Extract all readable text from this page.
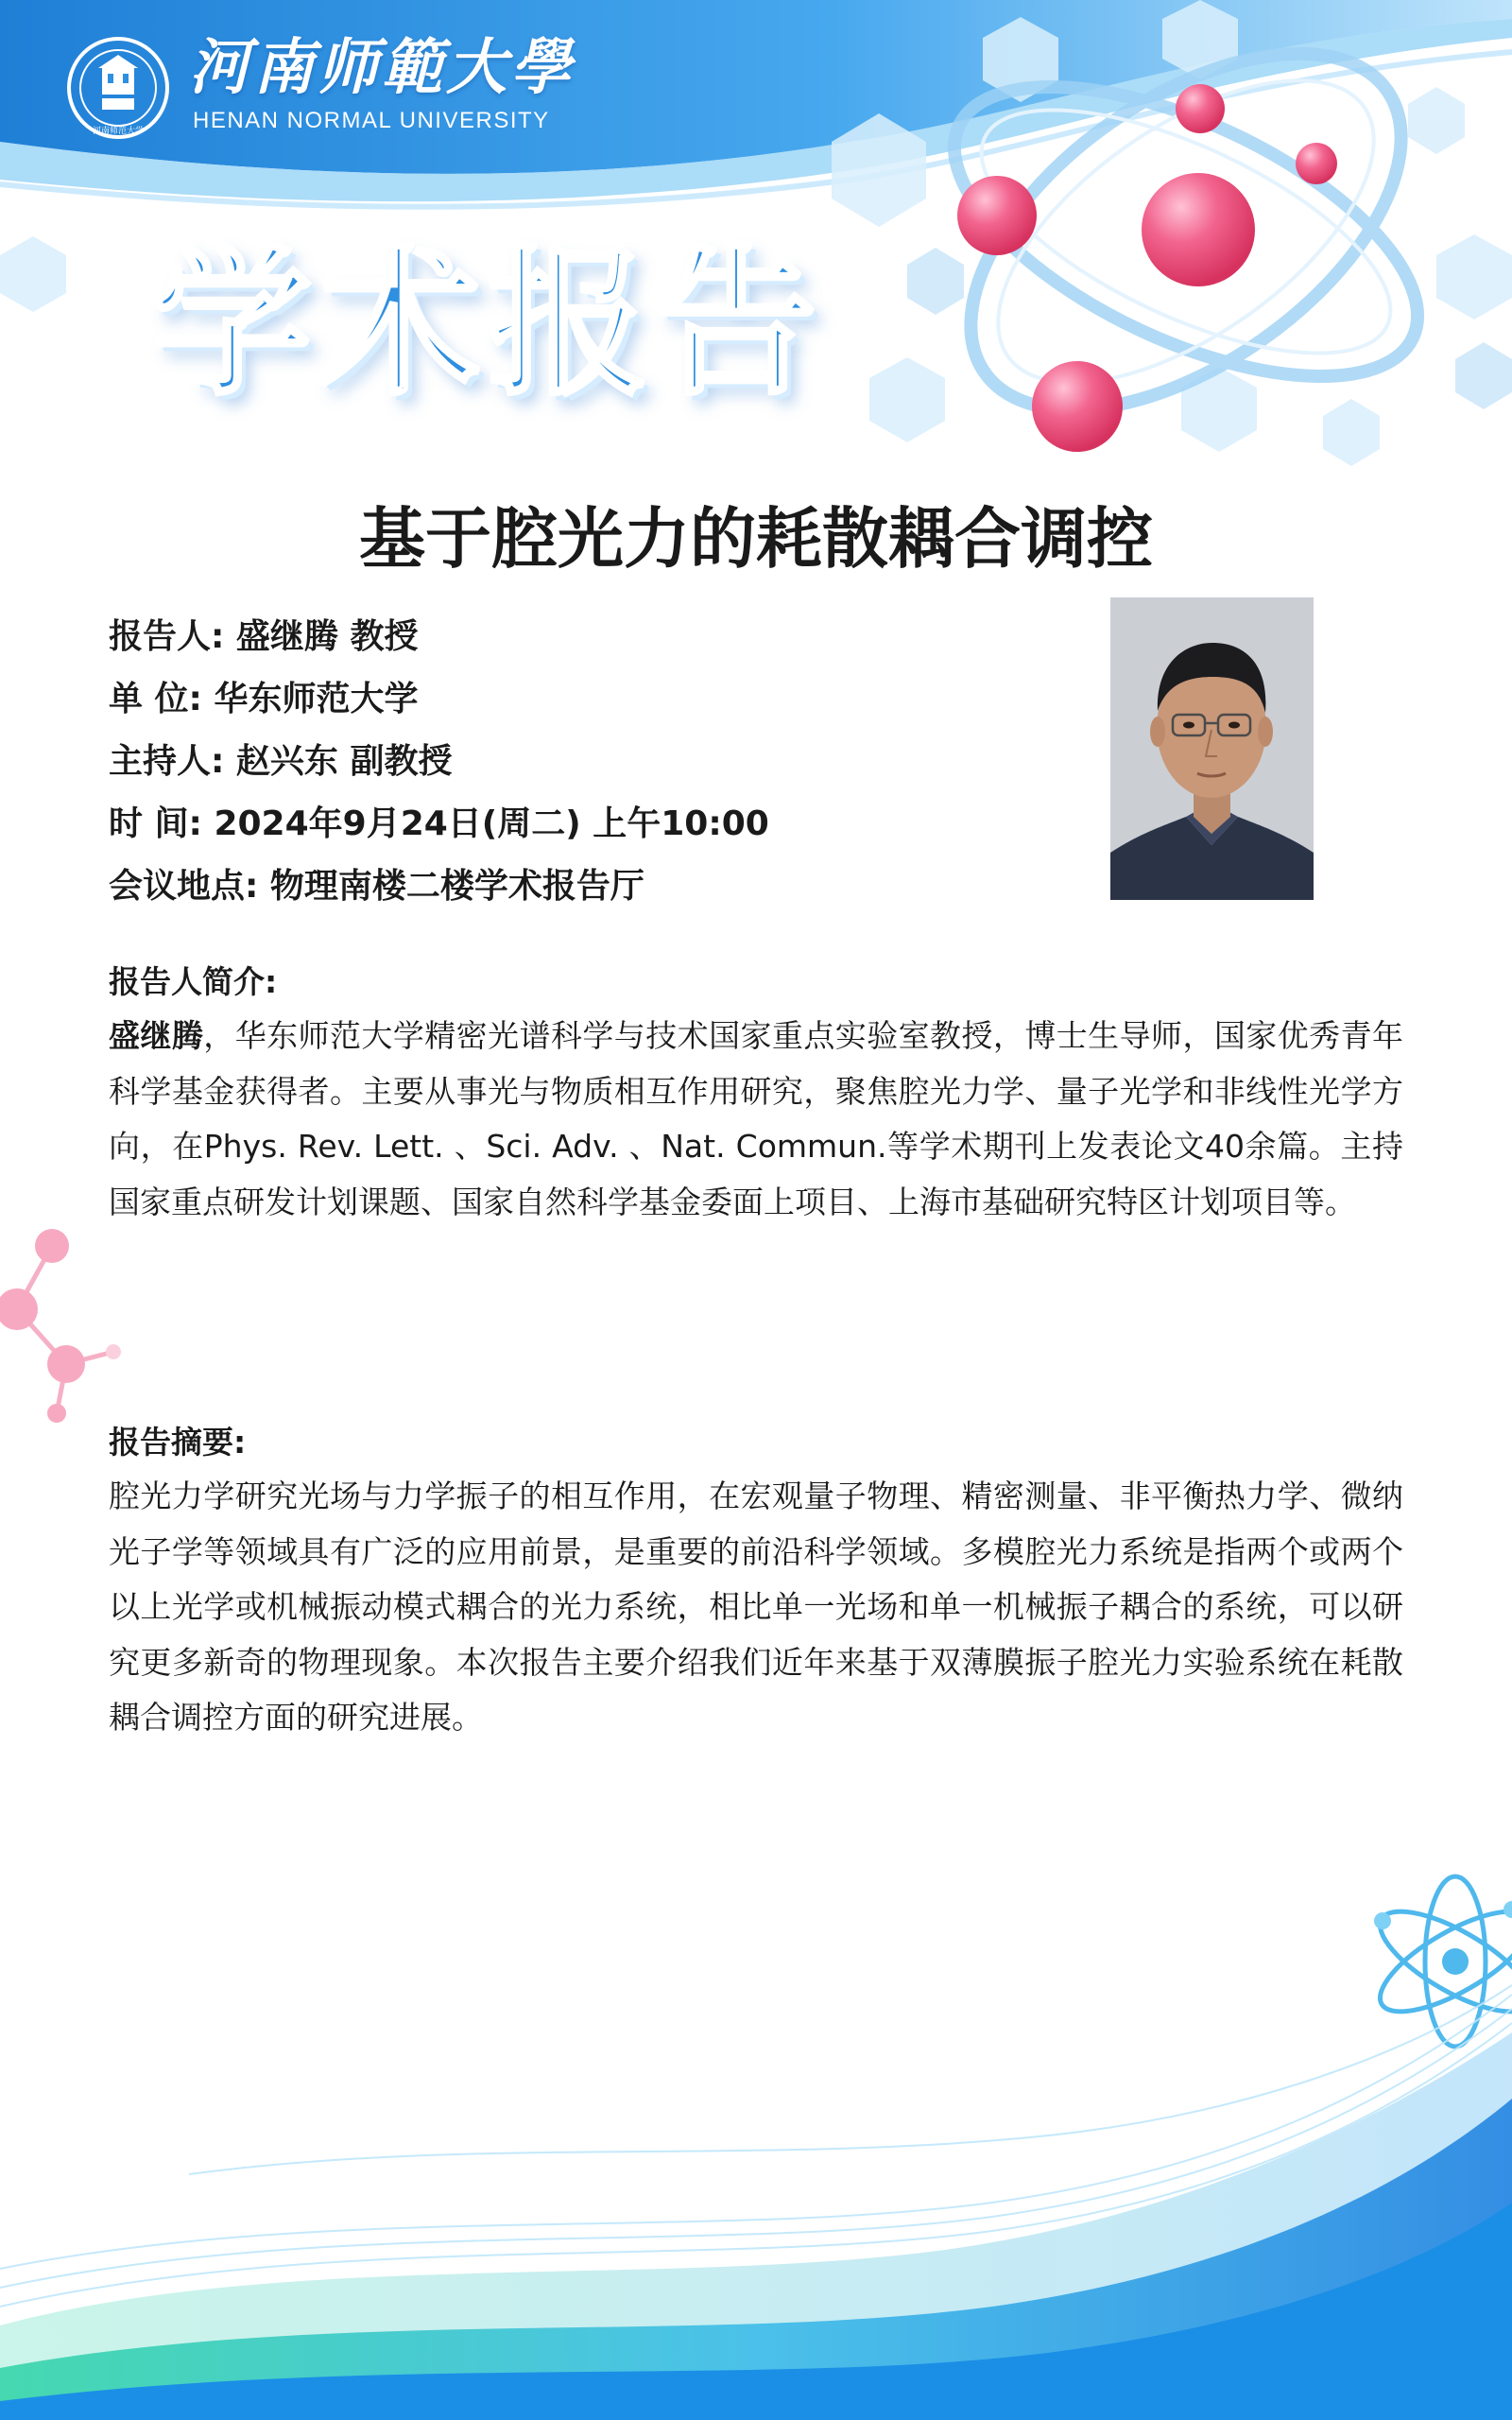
河南师范大学
河南师範大學
HENAN NORMAL UNIVERSITY
学术报告
基于腔光力的耗散耦合调控
报告人: 盛继腾 教授
单 位: 华东师范大学
主持人: 赵兴东 副教授
时 间: 2024年9月24日(周二) 上午10:00
会议地点: 物理南楼二楼学术报告厅
报告人简介:
盛继腾，华东师范大学精密光谱科学与技术国家重点实验室教授，博士生导师，国家优秀青年科学基金获得者。主要从事光与物质相互作用研究，聚焦腔光力学、量子光学和非线性光学方向，在Phys. Rev. Lett. 、Sci. Adv. 、Nat. Commun.等学术期刊上发表论文40余篇。主持国家重点研发计划课题、国家自然科学基金委面上项目、上海市基础研究特区计划项目等。
报告摘要:
腔光力学研究光场与力学振子的相互作用，在宏观量子物理、精密测量、非平衡热力学、微纳光子学等领域具有广泛的应用前景，是重要的前沿科学领域。多模腔光力系统是指两个或两个以上光学或机械振动模式耦合的光力系统，相比单一光场和单一机械振子耦合的系统，可以研究更多新奇的物理现象。本次报告主要介绍我们近年来基于双薄膜振子腔光力实验系统在耗散耦合调控方面的研究进展。
